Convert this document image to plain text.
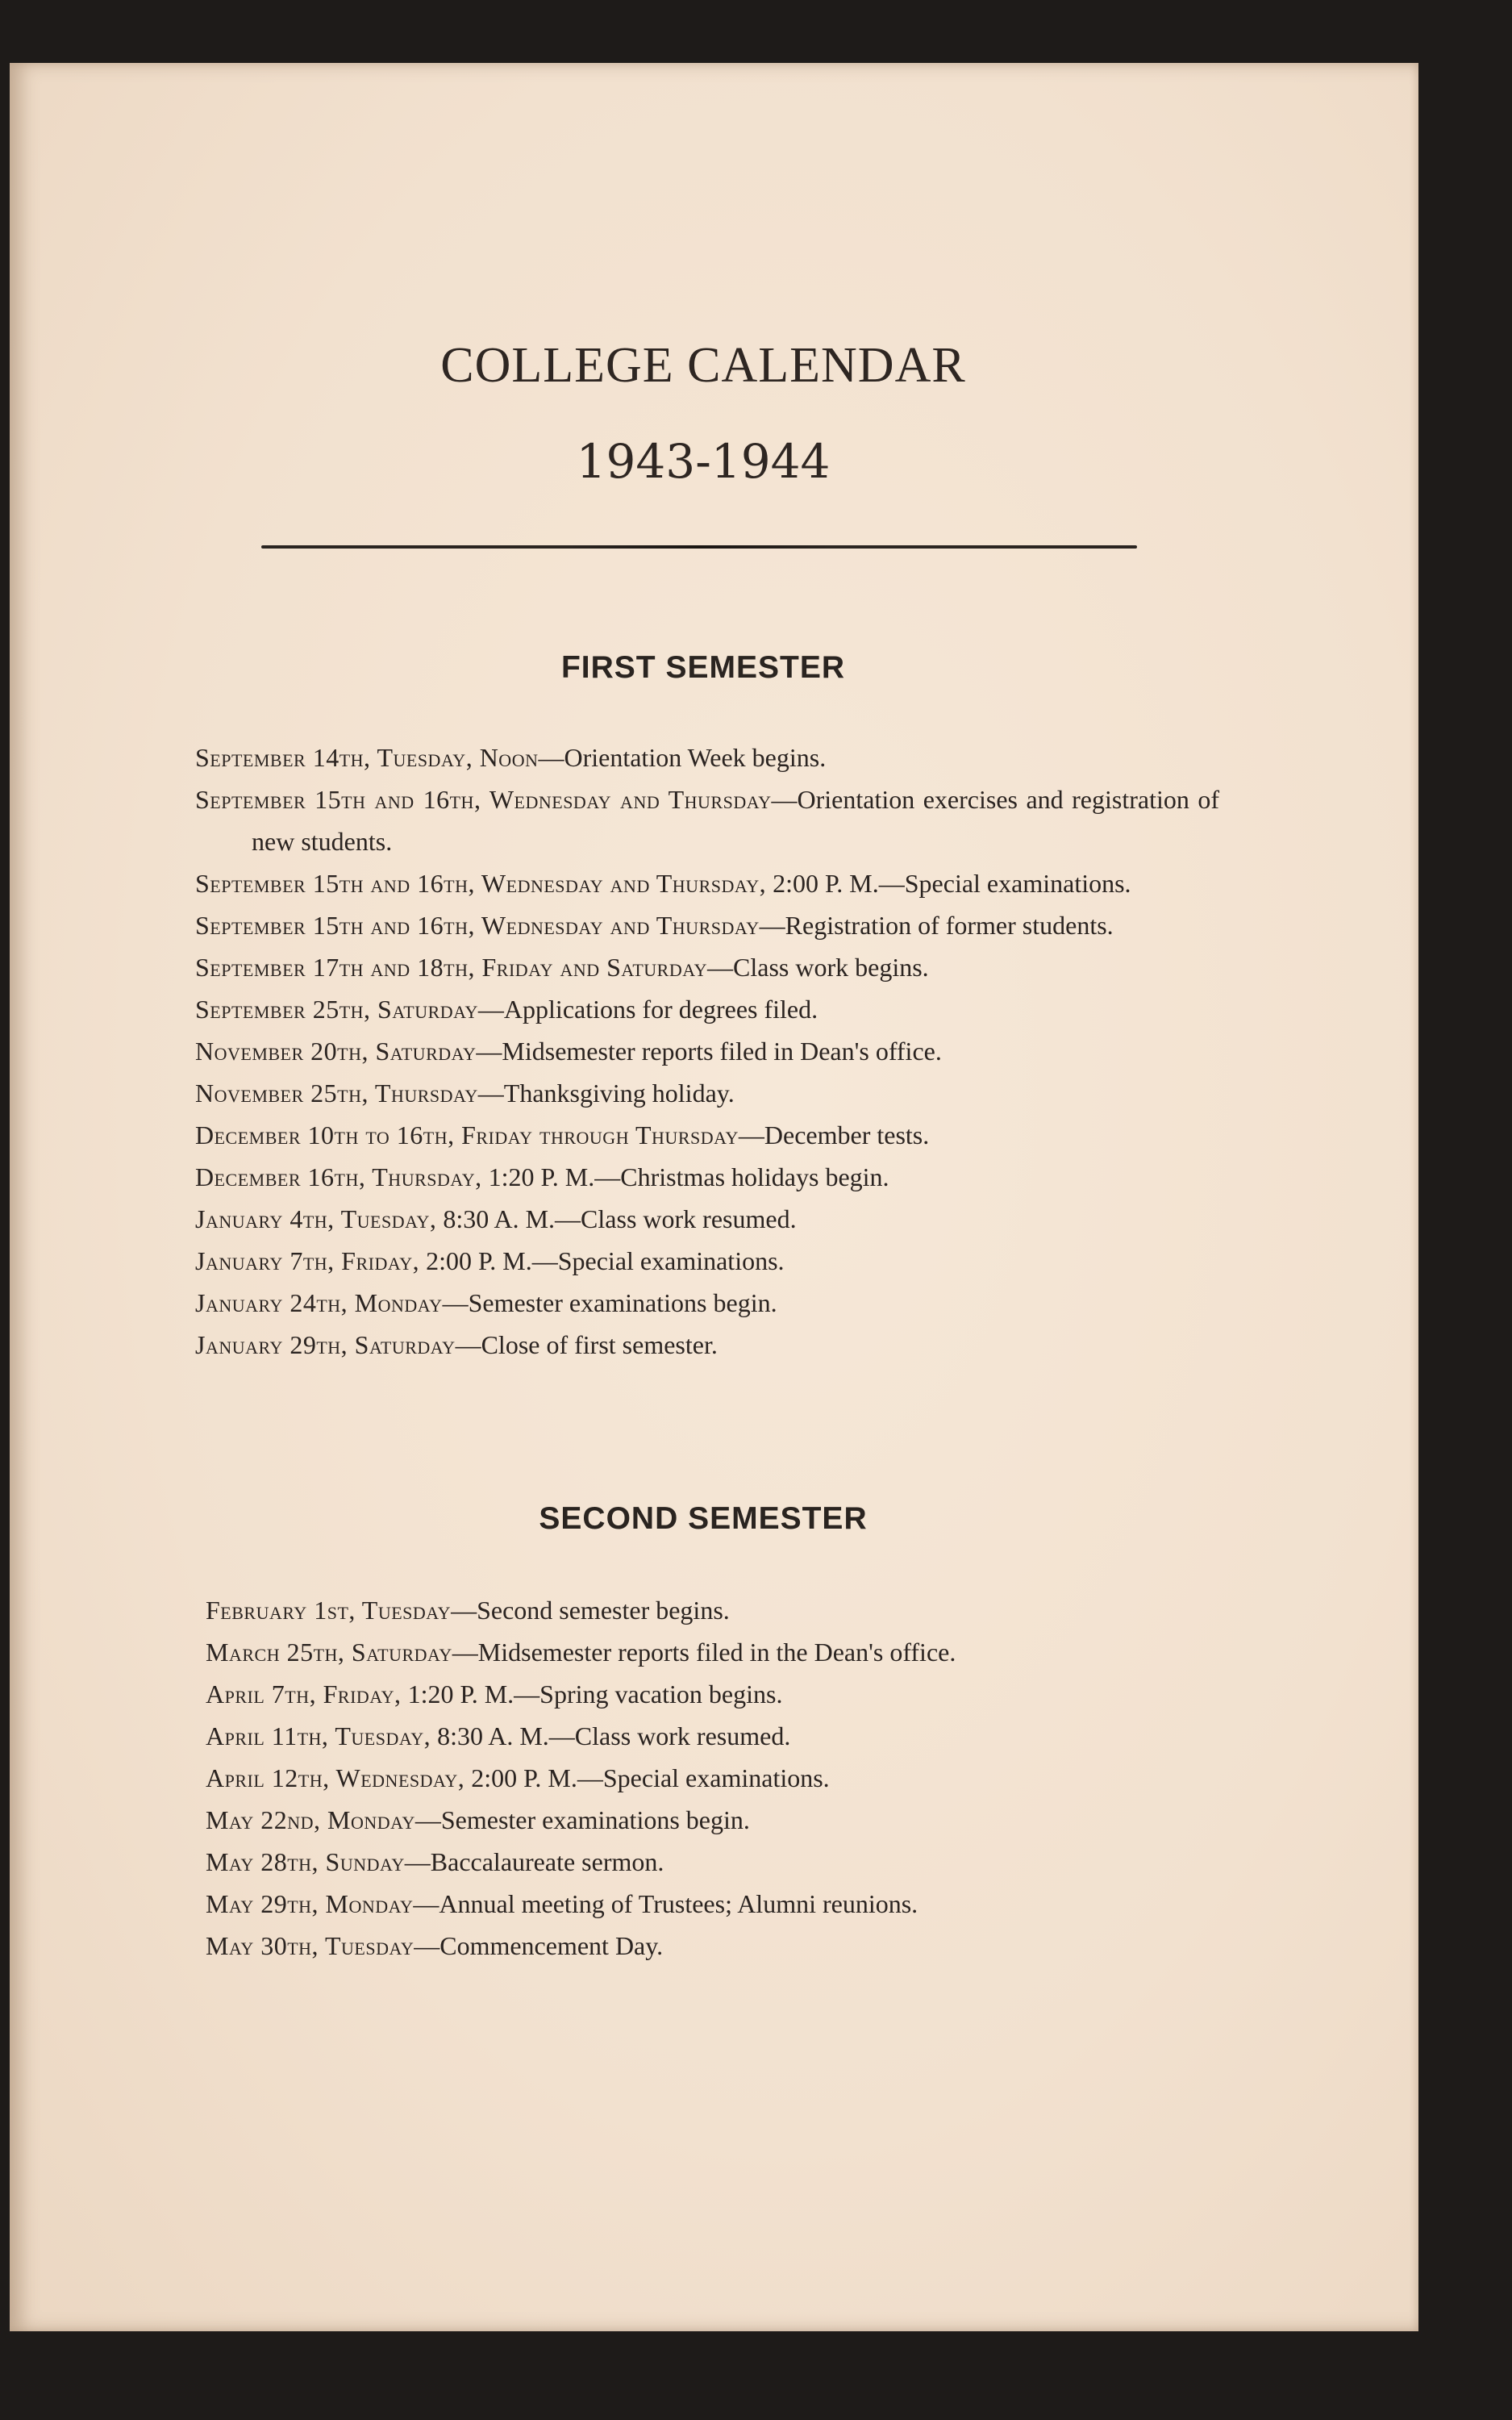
COLLEGE CALENDAR
1943-1944
FIRST SEMESTER
September 14th, Tuesday, Noon—Orientation Week begins.
September 15th and 16th, Wednesday and Thursday—Orientation exercises and registration of new students.
September 15th and 16th, Wednesday and Thursday, 2:00 P. M.—Special examinations.
September 15th and 16th, Wednesday and Thursday—Registration of former students.
September 17th and 18th, Friday and Saturday—Class work begins.
September 25th, Saturday—Applications for degrees filed.
November 20th, Saturday—Midsemester reports filed in Dean's office.
November 25th, Thursday—Thanksgiving holiday.
December 10th to 16th, Friday through Thursday—December tests.
December 16th, Thursday, 1:20 P. M.—Christmas holidays begin.
January 4th, Tuesday, 8:30 A. M.—Class work resumed.
January 7th, Friday, 2:00 P. M.—Special examinations.
January 24th, Monday—Semester examinations begin.
January 29th, Saturday—Close of first semester.
SECOND SEMESTER
February 1st, Tuesday—Second semester begins.
March 25th, Saturday—Midsemester reports filed in the Dean's office.
April 7th, Friday, 1:20 P. M.—Spring vacation begins.
April 11th, Tuesday, 8:30 A. M.—Class work resumed.
April 12th, Wednesday, 2:00 P. M.—Special examinations.
May 22nd, Monday—Semester examinations begin.
May 28th, Sunday—Baccalaureate sermon.
May 29th, Monday—Annual meeting of Trustees; Alumni reunions.
May 30th, Tuesday—Commencement Day.
